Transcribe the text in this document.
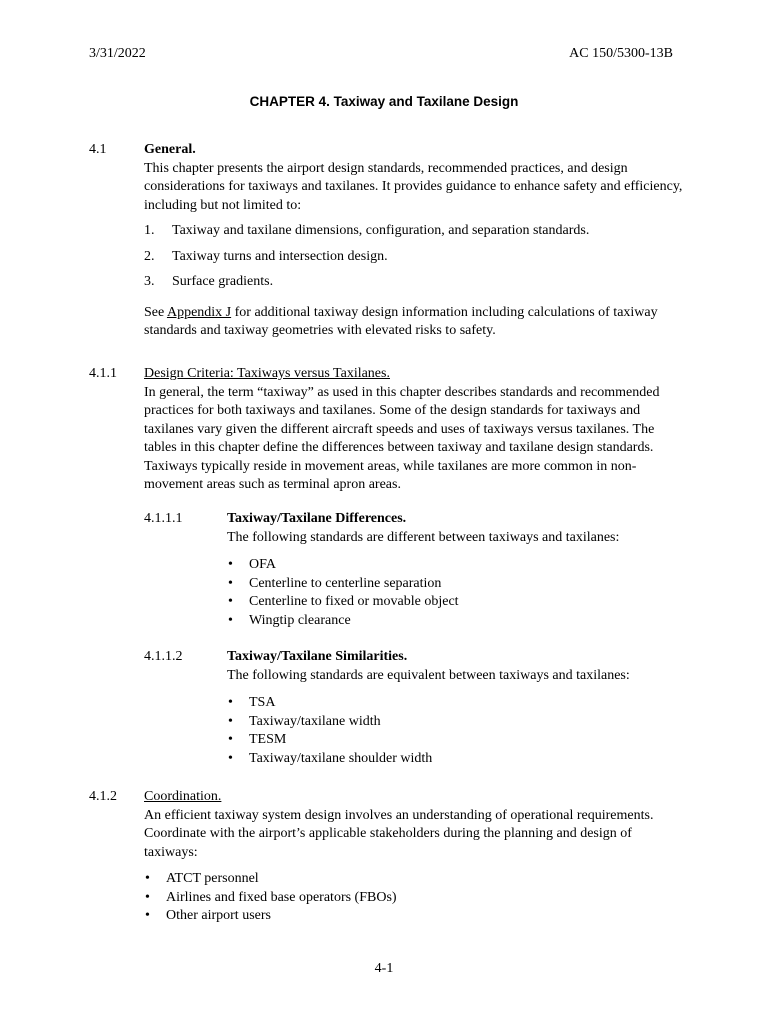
3/31/2022	AC 150/5300-13B
CHAPTER 4. Taxiway and Taxilane Design
4.1	General.

This chapter presents the airport design standards, recommended practices, and design considerations for taxiways and taxilanes. It provides guidance to enhance safety and efficiency, including but not limited to:

1. Taxiway and taxilane dimensions, configuration, and separation standards.
2. Taxiway turns and intersection design.
3. Surface gradients.

See Appendix J for additional taxiway design information including calculations of taxiway standards and taxiway geometries with elevated risks to safety.

4.1.1 Design Criteria: Taxiways versus Taxilanes.

In general, the term “taxiway” as used in this chapter describes standards and recommended practices for both taxiways and taxilanes. Some of the design standards for taxiways and taxilanes vary given the different aircraft speeds and uses of taxiways versus taxilanes. The tables in this chapter define the differences between taxiway and taxilane design standards. Taxiways typically reside in movement areas, while taxilanes are more common in non-movement areas such as terminal apron areas.

4.1.1.1	Taxiway/Taxilane Differences.

The following standards are different between taxiways and taxilanes:

• OFA
• Centerline to centerline separation
• Centerline to fixed or movable object
• Wingtip clearance
4.1.1.2	Taxiway/Taxilane Similarities.

The following standards are equivalent between taxiways and taxilanes:

• TSA
• Taxiway/taxilane width
• TESM
• Taxiway/taxilane shoulder width
4.1.2 Coordination.

An efficient taxiway system design involves an understanding of operational requirements. Coordinate with the airport’s applicable stakeholders during the planning and design of taxiways:

• ATCT personnel
• Airlines and fixed base operators (FBOs)
• Other airport users
4-1
